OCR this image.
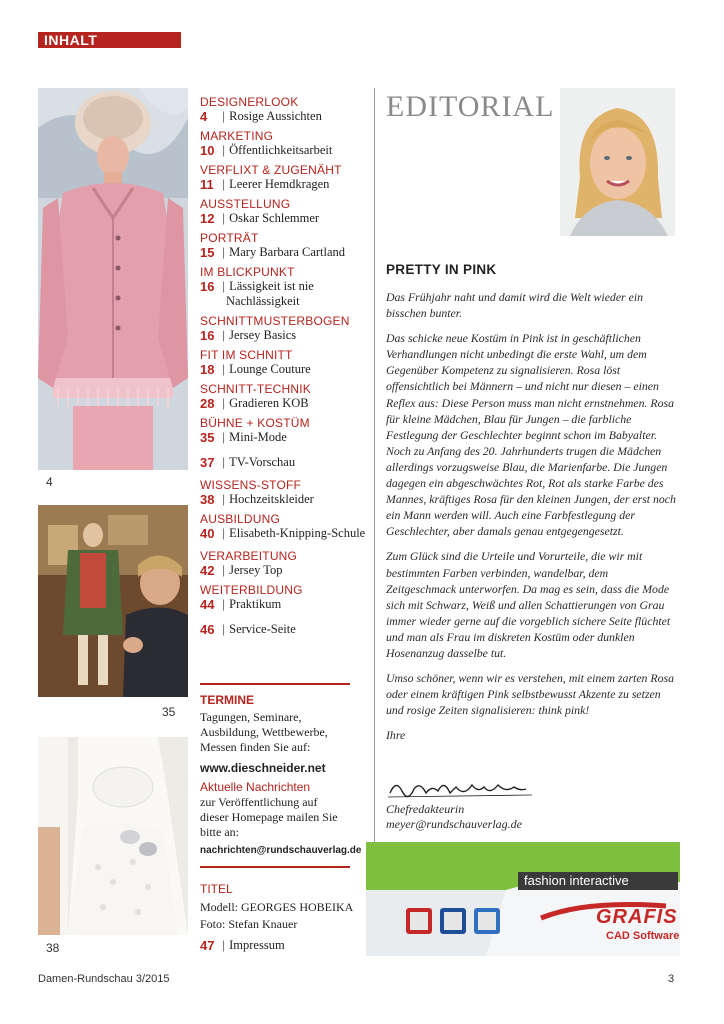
INHALT
4
35
38
DESIGNERLOOK
4	| Rosige Aussichten
MARKETING
10 | Öffentlichkeitsarbeit
VERFLIXT & ZUGENÄHT
11 | Leerer Hemdkragen
AUSSTELLUNG
12 | Oskar Schlemmer
PORTRÄT
15 | Mary Barbara Cartland
IM BLICKPUNKT
16 | Lässigkeit ist nie
Nachlässigkeit
SCHNITTMUSTERBOGEN
16 | Jersey Basics
FIT IM SCHNITT
18 | Lounge Couture
SCHNITT-TECHNIK
28 | Gradieren KOB
BÜHNE + KOSTÜM
35 | Mini-Mode
37 | TV-Vorschau
WISSENS-STOFF
38 | Hochzeitskleider
AUSBILDUNG
40 | Elisabeth-Knipping-Schule
VERARBEITUNG
42 | Jersey Top
WEITERBILDUNG
44 | Praktikum
46 | Service-Seite
TERMINE
Tagungen, Seminare, Ausbildung, Wettbewerbe, Messen finden Sie auf:
www.dieschneider.net
Aktuelle Nachrichten
zur Veröffentlichung auf dieser Homepage mailen Sie bitte an:
nachrichten@rundschauverlag.de
TITEL
Modell: GEORGES HOBEIKA
Foto: Stefan Knauer
47 | Impressum
EDITORIAL
PRETTY IN PINK

Das Frühjahr naht und damit wird die Welt wieder ein bisschen bunter.

Das schicke neue Kostüm in Pink ist in geschäftlichen Verhandlungen nicht unbedingt die erste Wahl, um dem Gegenüber Kompetenz zu signalisieren. Rosa löst offensichtlich bei Männern – und nicht nur diesen – einen Reflex aus: Diese Person muss man nicht ernstnehmen. Rosa für kleine Mädchen, Blau für Jungen – die farbliche Festlegung der Geschlechter beginnt schon im Babyalter. Noch zu Anfang des 20. Jahrhunderts trugen die Mädchen allerdings vorzugsweise Blau, die Marienfarbe. Die Jungen dagegen ein abgeschwächtes Rot, Rot als starke Farbe des Mannes, kräftiges Rosa für den kleinen Jungen, der erst noch ein Mann werden will. Auch eine Farbfestlegung der Geschlechter, aber damals genau entgegengesetzt.

Zum Glück sind die Urteile und Vorurteile, die wir mit bestimmten Farben verbinden, wandelbar, dem Zeitgeschmack unterworfen. Da mag es sein, dass die Mode sich mit Schwarz, Weiß und allen Schattierungen von Grau immer wieder gerne auf die vorgeblich sichere Seite flüchtet und man als Frau im diskreten Kostüm oder dunklen Hosenanzug dasselbe tut.

Umso schöner, wenn wir es verstehen, mit einem zarten Rosa oder einem kräftigen Pink selbstbewusst Akzente zu setzen und rosige Zeiten signalisieren: think pink!

Ihre

Chefredakteurin
meyer@rundschauverlag.de
fashion interactive
GRAFIS
CAD Software
Damen-Rundschau 3/2015	3
